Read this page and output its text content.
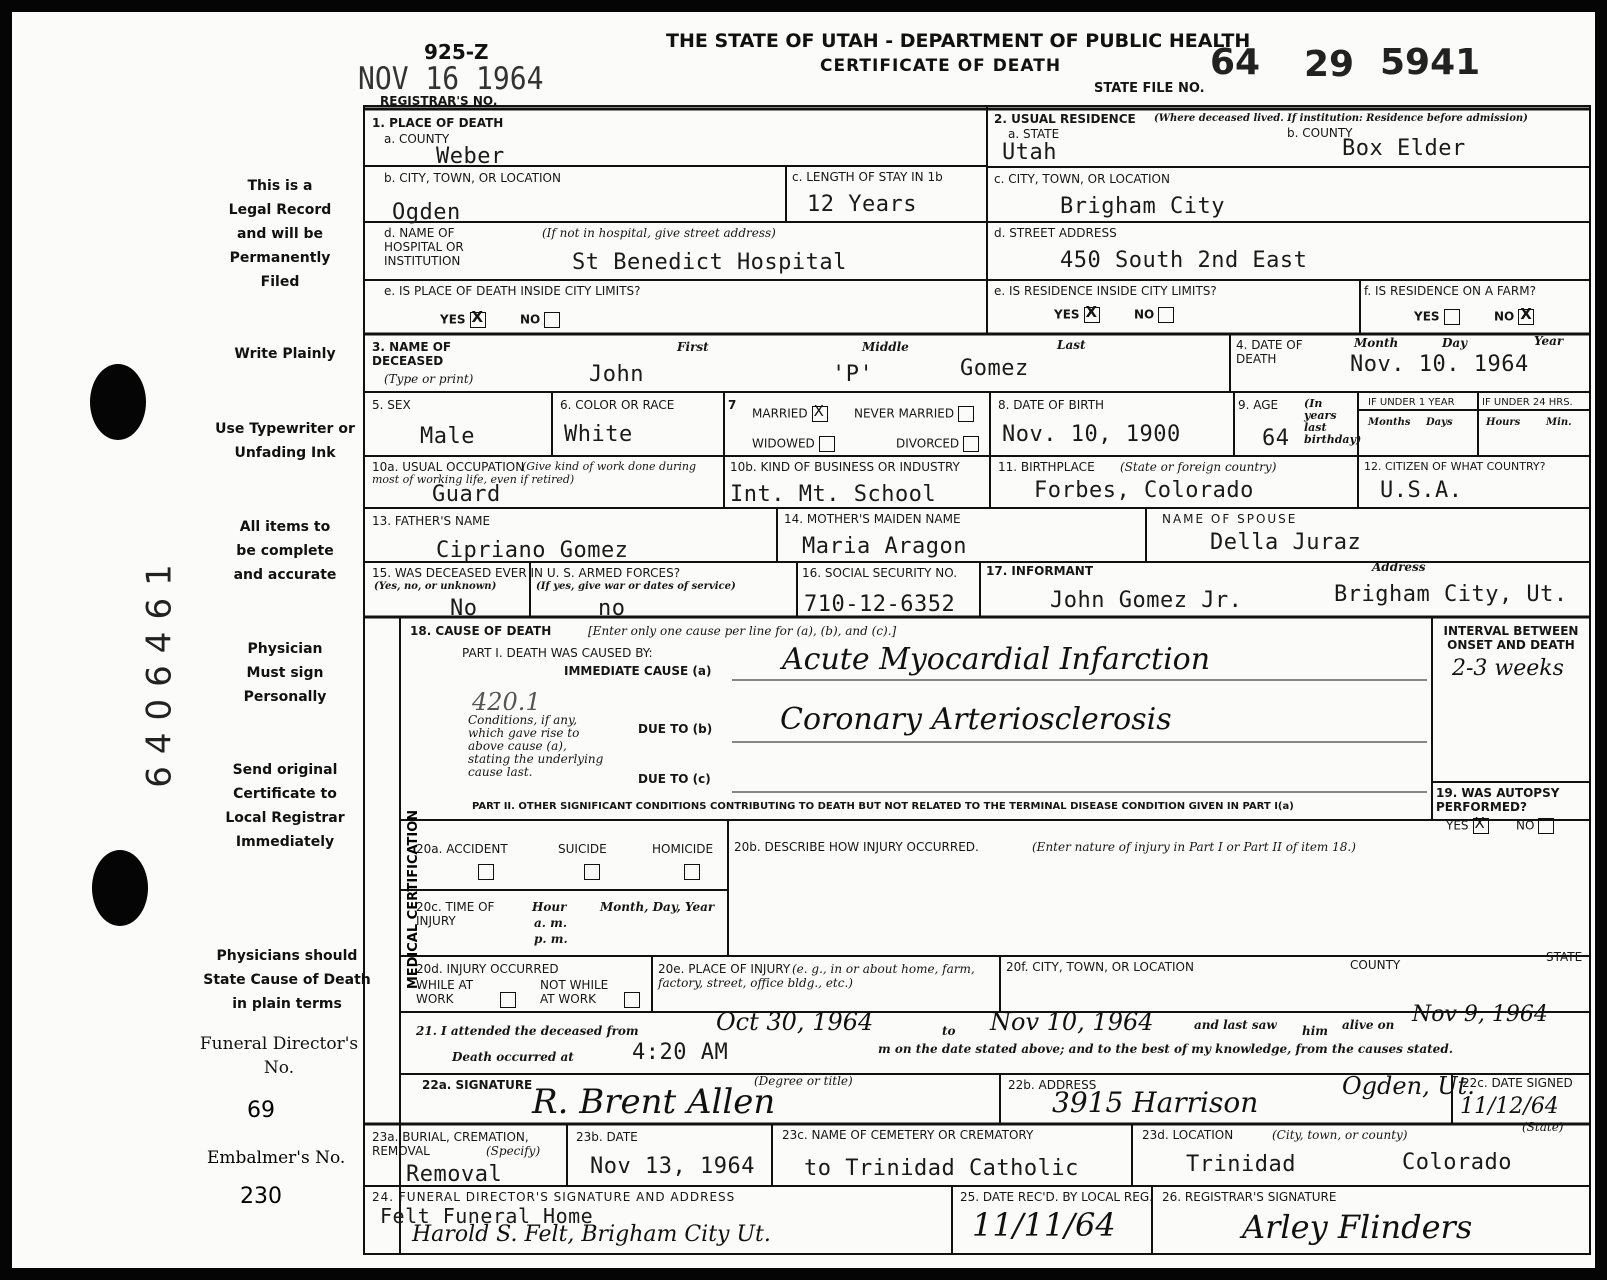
6406461
925-Z
NOV 16 1964
REGISTRAR'S NO.
THE STATE OF UTAH - DEPARTMENT OF PUBLIC HEALTH
CERTIFICATE OF DEATH
STATE FILE NO.
64 29 5941
This is a Legal Record and will be Permanently Filed
Write Plainly
Use Typewriter or Unfading Ink
All items to be complete and accurate
Physician Must sign Personally
Send original Certificate to Local Registrar Immediately
Physicians should State Cause of Death in plain terms
Funeral Director's No.
69
Embalmer's No.
230
1. PLACE OF DEATH
a. COUNTY
Weber
b. CITY, TOWN, OR LOCATION
Ogden
c. LENGTH OF STAY IN 1b
12 Years
d. NAME OF HOSPITAL OR INSTITUTION
(If not in hospital, give street address)
St Benedict Hospital
e. IS PLACE OF DEATH INSIDE CITY LIMITS?
YES X	NO
2. USUAL RESIDENCE (Where deceased lived. If institution: Residence before admission)
a. STATE
Utah
b. COUNTY
Box Elder
c. CITY, TOWN, OR LOCATION
Brigham City
d. STREET ADDRESS
450 South 2nd East
e. IS RESIDENCE INSIDE CITY LIMITS?
YES X	NO
f. IS RESIDENCE ON A FARM?
YES	NOX
3. NAME OF DECEASED
(Type or print)
First	Middle	Last
John	'P'	Gomez
4. DATE OF DEATH
Month	Day	Year
Nov. 10. 1964
5. SEX
Male
6. COLOR OR RACE
White
7
MARRIED X	NEVER MARRIED
WIDOWED	DIVORCED
8. DATE OF BIRTH
Nov. 10, 1900
9. AGE (In years last birthday)
64
IF UNDER 1 YEAR	IF UNDER 24 HRS.
Months Days	Hours	Min.
10a. USUAL OCCUPATION
(Give kind of work done during most of working life, even if retired)
Guard
10b. KIND OF BUSINESS OR INDUSTRY
Int. Mt. School
11. BIRTHPLACE (State or foreign country)
Forbes, Colorado
12. CITIZEN OF WHAT COUNTRY?
U.S.A.
13. FATHER'S NAME
Cipriano Gomez
14. MOTHER'S MAIDEN NAME
Maria Aragon
NAME OF SPOUSE
Della Juraz
15. WAS DECEASED EVER IN U. S. ARMED FORCES?
(Yes, no, or unknown)	(If yes, give war or dates of service)
No	no
16. SOCIAL SECURITY NO.
710-12-6352
17. INFORMANT	Address
John Gomez Jr.	Brigham City, Ut.
MEDICAL CERTIFICATION
18. CAUSE OF DEATH	[Enter only one cause per line for (a), (b), and (c).]
PART I. DEATH WAS CAUSED BY:
IMMEDIATE CAUSE (a) Acute Myocardial Infarction
420.1
Conditions, if any, which gave rise to above cause (a), stating the underlying cause last.
DUE TO (b) Coronary Arteriosclerosis
DUE TO (c)
PART II. OTHER SIGNIFICANT CONDITIONS CONTRIBUTING TO DEATH BUT NOT RELATED TO THE TERMINAL DISEASE CONDITION GIVEN IN PART I(a)
INTERVAL BETWEEN ONSET AND DEATH
2-3 weeks
19. WAS AUTOPSY PERFORMED?
YES X	NO
20a. ACCIDENT	SUICIDE	HOMICIDE 20b. DESCRIBE HOW INJURY OCCURRED.	(Enter nature of injury in Part I or Part II of item 18.)
20c. TIME OF INJURY
Hour
a. m.
p. m.
Month, Day, Year
20d. INJURY OCCURRED
WHILE AT WORK
NOT WHILE AT WORK
20e. PLACE OF INJURY (e. g., in or about home, farm, factory, street, office bldg., etc.)
20f. CITY, TOWN, OR LOCATION	COUNTY
STATE
21. I attended the deceased from	Oct 30, 1964	to Nov 10, 1964	and last saw him alive on Nov 9, 1964
Death occurred at	4:20 AM	m on the date stated above; and to the best of my knowledge, from the causes stated.
22a. SIGNATURE	(Degree or title)
R. Brent Allen	22b. ADDRESS
3915 Harrison	Ogden, Ut.
22c. DATE SIGNED
11/12/64
23a. BURIAL, CREMATION, REMOVAL	(Specify)
Removal
23b. DATE
Nov 13, 1964
23c. NAME OF CEMETERY OR CREMATORY
to Trinidad Catholic
23d. LOCATION	(City, town, or county)
(State)
Trinidad	Colorado
24. FUNERAL DIRECTOR'S SIGNATURE AND ADDRESS
Felt Funeral Home
Harold S. Felt, Brigham City Ut.
25. DATE REC'D. BY LOCAL REG.
11/11/64
26. REGISTRAR'S SIGNATURE
Arley Flinders
